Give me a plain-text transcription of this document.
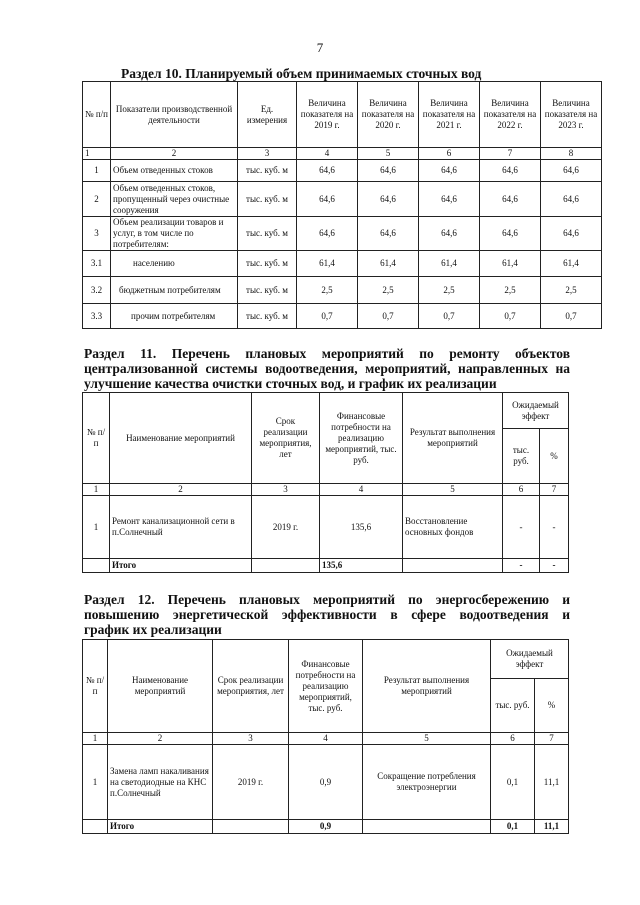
7
Раздел 10. Планируемый объем принимаемых сточных вод
№ п/п	Показатели производственной деятельности	Ед. измерения	Величина показателя на 2019 г.	Величина показателя на 2020 г.	Величина показателя на 2021 г.	Величина показателя на 2022 г.	Величина показателя на 2023 г.
1	2	3	4	5	6	7	8
1	Объем отведенных стоков	тыс. куб. м	64,6	64,6	64,6	64,6	64,6
2	Объем отведенных стоков, пропущенный через очистные сооружения	тыс. куб. м	64,6	64,6	64,6	64,6	64,6
3	Объем реализации товаров и услуг, в том числе по потребителям:	тыс. куб. м	64,6	64,6	64,6	64,6	64,6
3.1	населению	тыс. куб. м	61,4	61,4	61,4	61,4	61,4
3.2	бюджетным потребителям	тыс. куб. м	2,5	2,5	2,5	2,5	2,5
3.3	прочим потребителям	тыс. куб. м	0,7	0,7	0,7	0,7	0,7
Раздел 11. Перечень плановых мероприятий по ремонту объектов
централизованной системы водоотведения, мероприятий, направленных на
улучшение качества очистки сточных вод, и график их реализации
№ п/п	Наименование мероприятий	Срок реализации мероприятия, лет	Финансовые потребности на реализацию мероприятий, тыс. руб.	Результат выполнения мероприятий	Ожидаемый эффект	
					тыс. руб.	%
1	2	3	4	5	6	7
1	Ремонт канализационной сети в п.Солнечный	2019 г.	135,6	Восстановление основных фондов	-	-
	Итого		135,6		-	-
Раздел 12. Перечень плановых мероприятий по энергосбережению и
повышению энергетической эффективности в сфере водоотведения и
график их реализации
№ п/п	Наименование мероприятий	Срок реализации мероприятия, лет	Финансовые потребности на реализацию мероприятий, тыс. руб.	Результат выполнения мероприятий	Ожидаемый эффект	
					тыс. руб.	%
1	2	3	4	5	6	7
1	Замена ламп накаливания на светодиодные на КНС п.Солнечный	2019 г.	0,9	Сокращение потребления электроэнергии	0,1	11,1
	Итого		0,9		0,1	11,1
